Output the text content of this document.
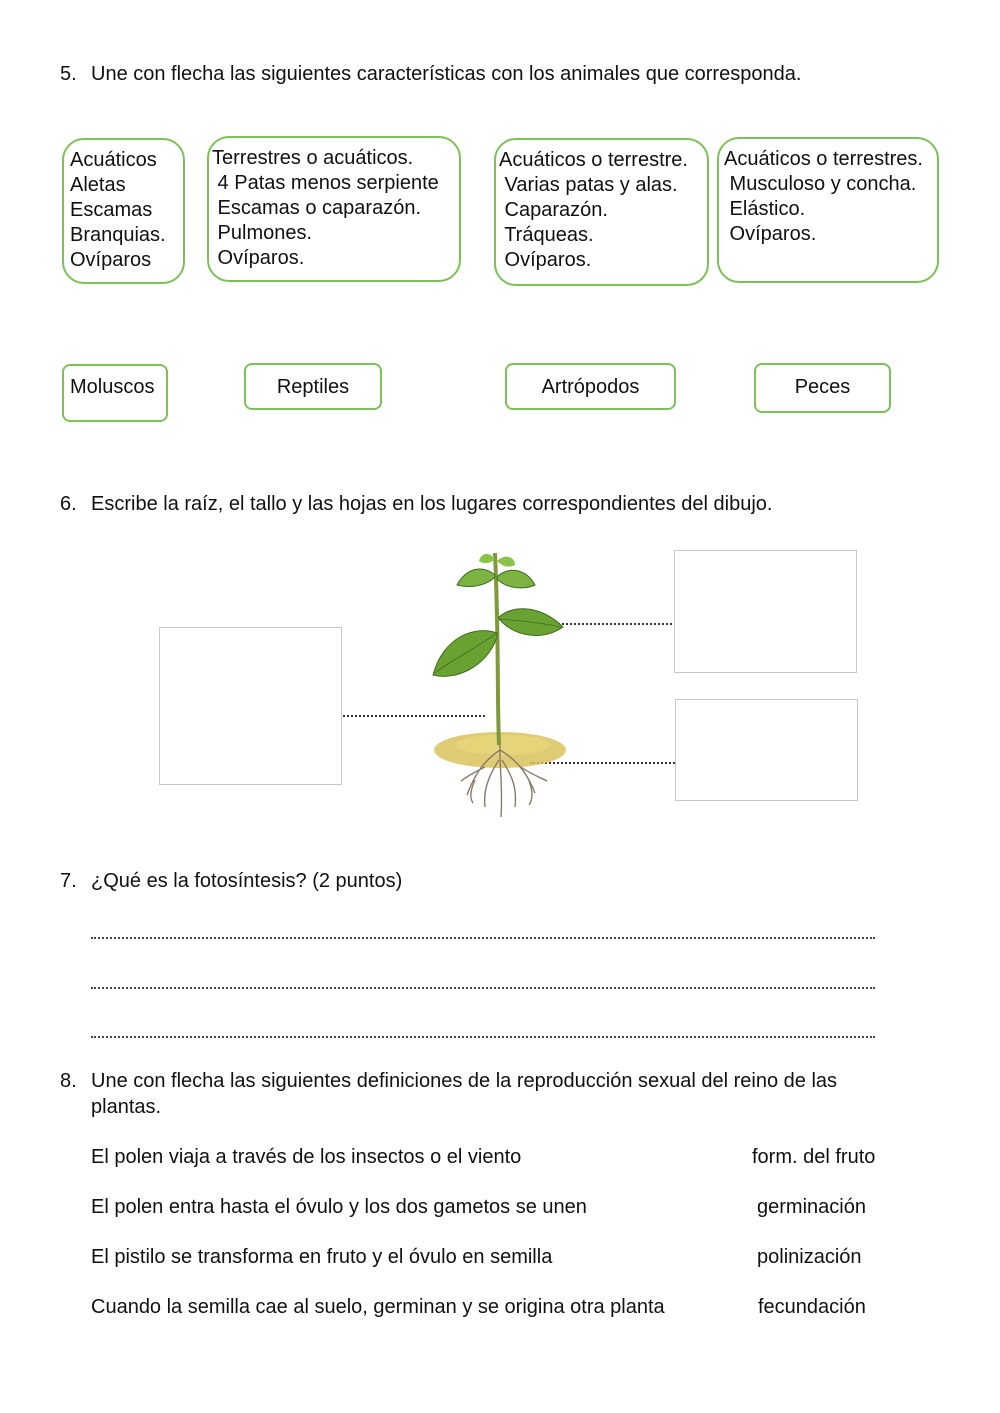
5. Une con flecha las siguientes características con los animales que corresponda.
Acuáticos
Aletas
Escamas
Branquias.
Ovíparos
Terrestres o acuáticos.
4 Patas menos serpiente
Escamas o caparazón.
Pulmones.
Ovíparos.
Acuáticos o terrestre.
Varias patas y alas.
Caparazón.
Tráqueas.
Ovíparos.
Acuáticos o terrestres.
Musculoso y concha.
Elástico.
Ovíparos.
Moluscos	Reptiles	Artrópodos	Peces
6. Escribe la raíz, el tallo y las hojas en los lugares correspondientes del dibujo.
7. ¿Qué es la fotosíntesis? (2 puntos)
8. Une con flecha las siguientes definiciones de la reproducción sexual del reino de las
plantas.
El polen viaja a través de los insectos o el viento
El polen entra hasta el óvulo y los dos gametos se unen
El pistilo se transforma en fruto y el óvulo en semilla
Cuando la semilla cae al suelo, germinan y se origina otra planta
form. del fruto
germinación
polinización
fecundación
